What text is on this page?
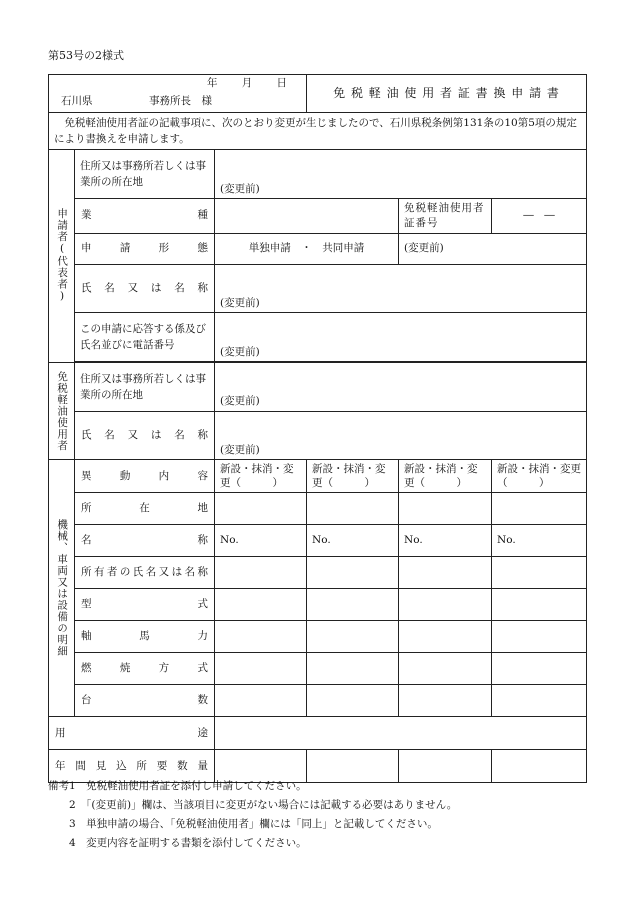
第53号の2様式
年 月 日
石川県 事務所長　様			免 税 軽 油 使 用 者 証 書 換 申 請 書		
　免税軽油使用者証の記載事項に、次のとおり変更が生じましたので、石川県税条例第131条の10第5項の規定により書換えを申請します。					
申請者(代表者)	住所又は事務所若しくは事業所の所在地				
		(変更前)			
	業種			免税軽油使用者証番号	―　―
	申請形態	単独申請　・　共同申請		(変更前)	
	氏名又は名称				
		(変更前)			
	この申請に応答する係及び氏名並びに電話番号				
		(変更前)			

免税軽油使用者	住所又は事務所若しくは事業所の所在地				
		(変更前)			
	氏名又は名称				
		(変更前)			
機械、車両又は設備の明細	異動内容	新設・抹消・変更（　　　）	新設・抹消・変更（　　　）	新設・抹消・変更（　　　）	新設・抹消・変更（　　　）
	所在地				
	名称	No.	No.	No.	No.
	所有者の氏名又は名称				
	型式				
	軸馬力				
	燃焼方式				
	台数				
用途					
年間見込所要数量					
備考1　免税軽油使用者証を添付し申請してください。
　　2　「(変更前)」欄は、当該項目に変更がない場合には記載する必要はありません。
　　3　単独申請の場合、「免税軽油使用者」欄には「同上」と記載してください。
　　4　変更内容を証明する書類を添付してください。
